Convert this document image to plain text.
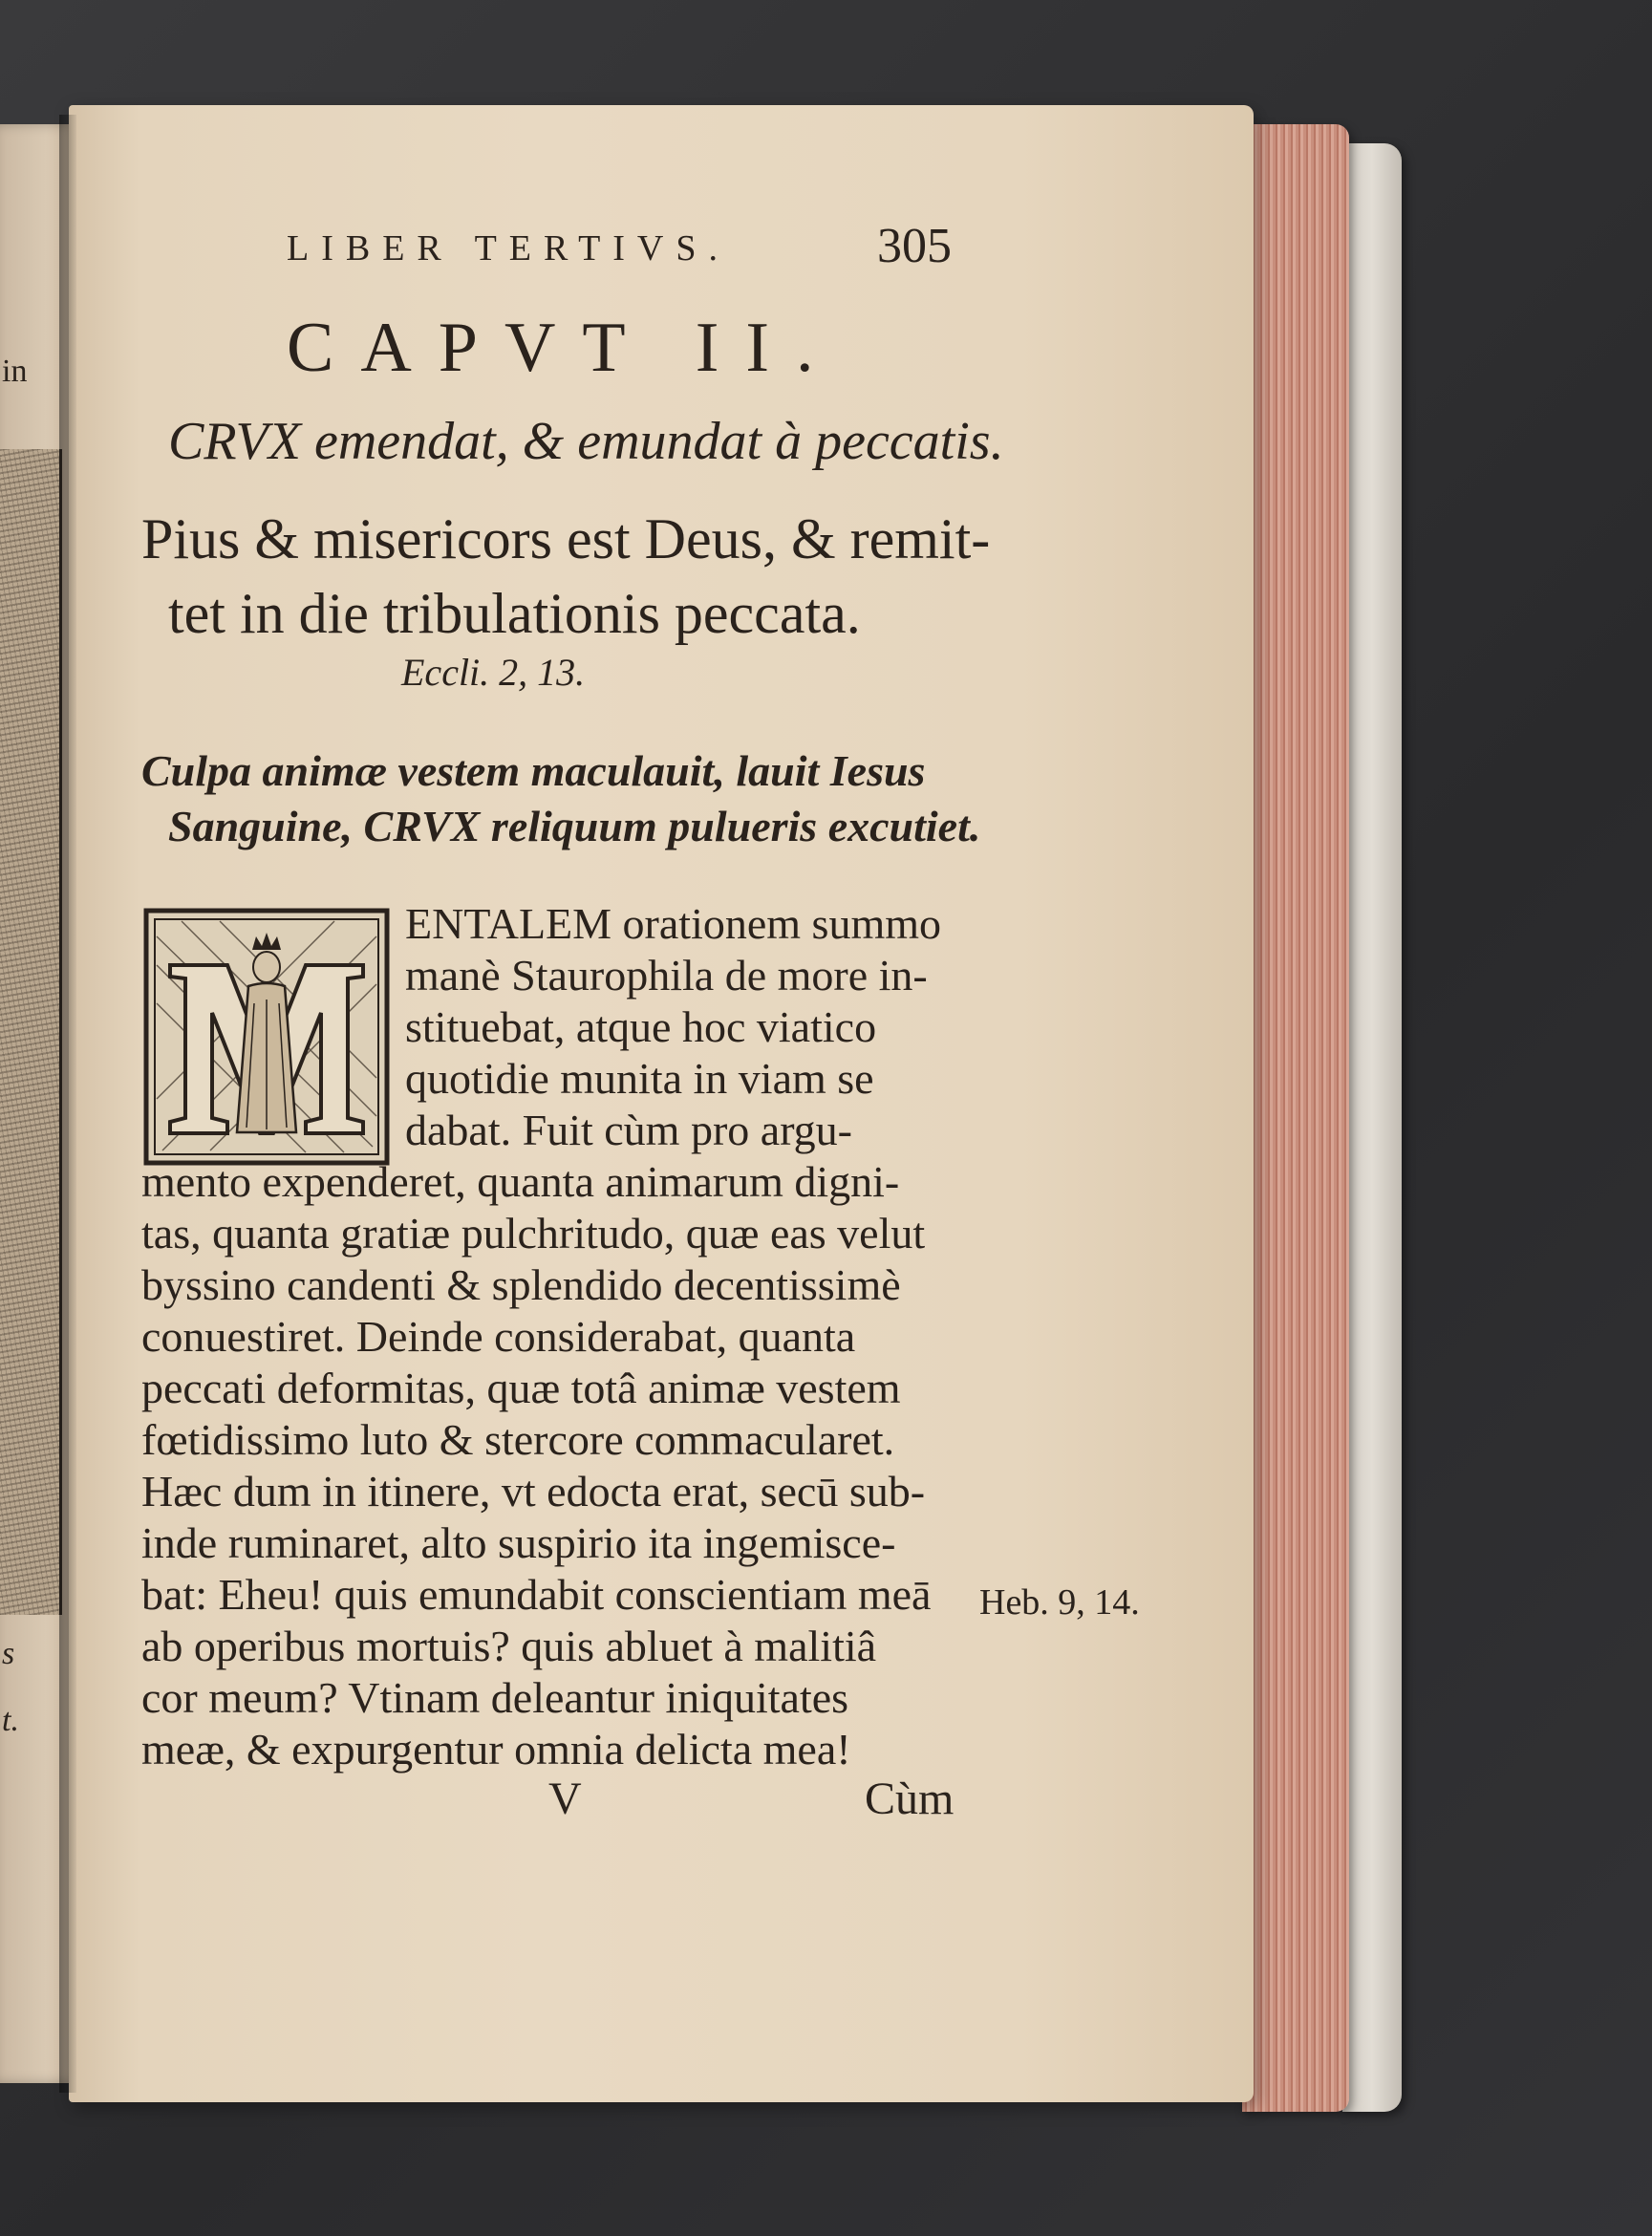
in
s
t.
LIBER TERTIVS.	305
CAPVT II.
CRVX emendat, & emundat à peccatis.
Pius & misericors est Deus, & remit-
tet in die tribulationis peccata.
Eccli. 2, 13.
Culpa animæ vestem maculauit, lauit Iesus
Sanguine, CRVX reliquum pulueris excutiet.
ENTALEM orationem summo
manè Staurophila de more in-
stituebat, atque hoc viatico
quotidie munita in viam se
dabat. Fuit cùm pro argu-
mento expenderet, quanta animarum digni-
tas, quanta gratiæ pulchritudo, quæ eas velut
byssino candenti & splendido decentissimè
conuestiret. Deinde considerabat, quanta
peccati deformitas, quæ totâ animæ vestem
fœtidissimo luto & stercore commacularet.
Hæc dum in itinere, vt edocta erat, secū sub-
inde ruminaret, alto suspirio ita ingemisce-
bat: Eheu! quis emundabit conscientiam meā
ab operibus mortuis? quis abluet à malitiâ
cor meum? Vtinam deleantur iniquitates
meæ, & expurgentur omnia delicta mea!
Heb. 9, 14.
V	Cùm
